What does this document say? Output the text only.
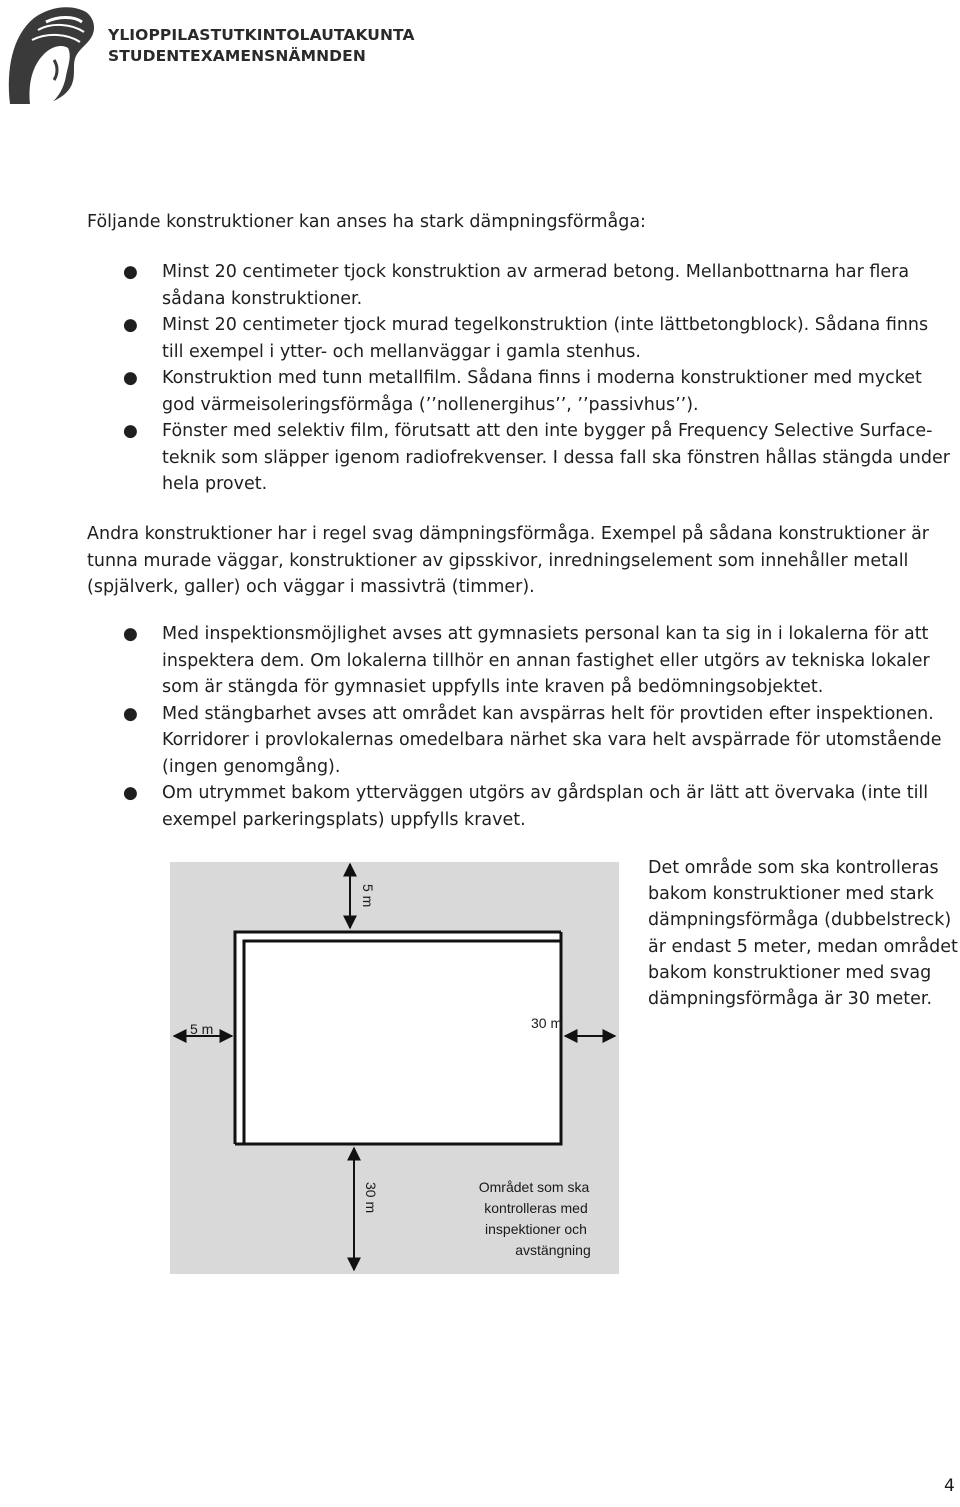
YLIOPPILASTUTKINTOLAUTAKUNTA
STUDENTEXAMENSNÄMNDEN

Följande konstruktioner kan anses ha stark dämpningsförmåga:

● Minst 20 centimeter tjock konstruktion av armerad betong. Mellanbottnarna har flera sådana konstruktioner.
● Minst 20 centimeter tjock murad tegelkonstruktion (inte lättbetongblock). Sådana finns till exempel i ytter- och mellanväggar i gamla stenhus.
● Konstruktion med tunn metallfilm. Sådana finns i moderna konstruktioner med mycket god värmeisoleringsförmåga (’’nollenergihus’’, ’’passivhus’’).
● Fönster med selektiv film, förutsatt att den inte bygger på Frequency Selective Surface-teknik som släpper igenom radiofrekvenser. I dessa fall ska fönstren hållas stängda under hela provet.

Andra konstruktioner har i regel svag dämpningsförmåga. Exempel på sådana konstruktioner är tunna murade väggar, konstruktioner av gipsskivor, inredningselement som innehåller metall (spjälverk, galler) och väggar i massivträ (timmer).

● Med inspektionsmöjlighet avses att gymnasiets personal kan ta sig in i lokalerna för att inspektera dem. Om lokalerna tillhör en annan fastighet eller utgörs av tekniska lokaler som är stängda för gymnasiet uppfylls inte kraven på bedömningsobjektet.
● Med stängbarhet avses att området kan avspärras helt för provtiden efter inspektionen. Korridorer i provlokalernas omedelbara närhet ska vara helt avspärrade för utomstående (ingen genomgång).
● Om utrymmet bakom ytterväggen utgörs av gårdsplan och är lätt att övervaka (inte till exempel parkeringsplats) uppfylls kravet.
5 m
5 m	30 m
30 m	Området som ska
kontrolleras med
inspektioner och
avstängning
Det område som ska kontrolleras bakom konstruktioner med stark dämpningsförmåga (dubbelstreck) är endast 5 meter, medan området bakom konstruktioner med svag dämpningsförmåga är 30 meter.
4
